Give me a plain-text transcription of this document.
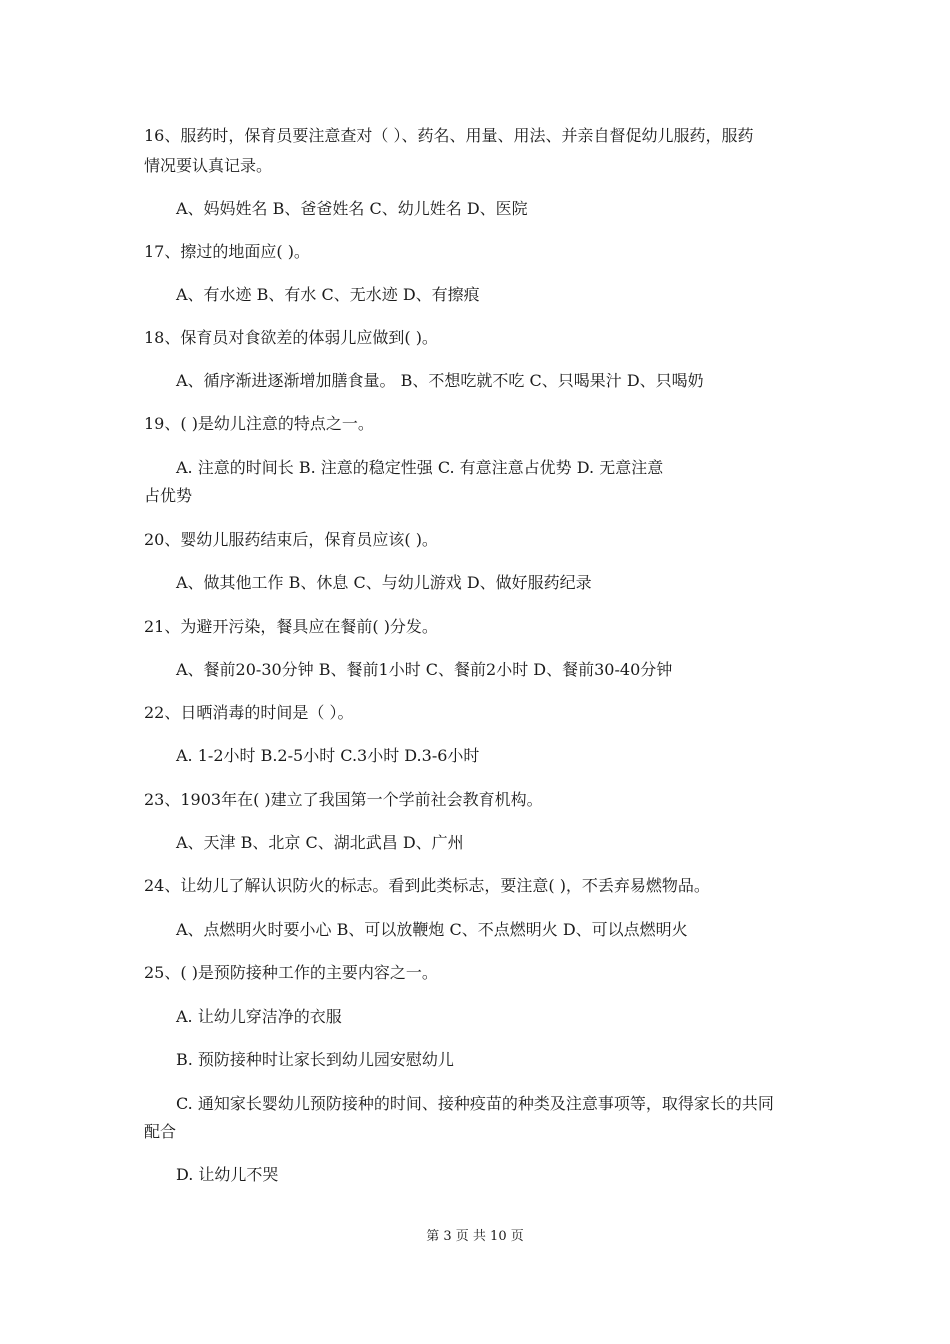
16、服药时，保育员要注意查对（ ）、药名、用量、用法、并亲自督促幼儿服药，服药
情况要认真记录。
A、妈妈姓名 B、爸爸姓名 C、幼儿姓名 D、医院
17、擦过的地面应( )。
A、有水迹 B、有水 C、无水迹 D、有擦痕
18、保育员对食欲差的体弱儿应做到( )。
A、循序渐进逐渐增加膳食量。 B、不想吃就不吃 C、只喝果汁 D、只喝奶
19、( )是幼儿注意的特点之一。
A. 注意的时间长 B. 注意的稳定性强 C. 有意注意占优势 D. 无意注意
占优势
20、婴幼儿服药结束后，保育员应该( )。
A、做其他工作 B、休息 C、与幼儿游戏 D、做好服药纪录
21、为避开污染，餐具应在餐前( )分发。
A、餐前20-30分钟 B、餐前1小时 C、餐前2小时 D、餐前30-40分钟
22、日晒消毒的时间是（ ）。
A. 1-2小时 B.2-5小时 C.3小时 D.3-6小时
23、1903年在( )建立了我国第一个学前社会教育机构。
A、天津 B、北京 C、湖北武昌 D、广州
24、让幼儿了解认识防火的标志。看到此类标志，要注意( )，不丢弃易燃物品。
A、点燃明火时要小心 B、可以放鞭炮 C、不点燃明火 D、可以点燃明火
25、( )是预防接种工作的主要内容之一。
A. 让幼儿穿洁净的衣服
B. 预防接种时让家长到幼儿园安慰幼儿
C. 通知家长婴幼儿预防接种的时间、接种疫苗的种类及注意事项等，取得家长的共同
配合
D. 让幼儿不哭
第 3 页 共 10 页
